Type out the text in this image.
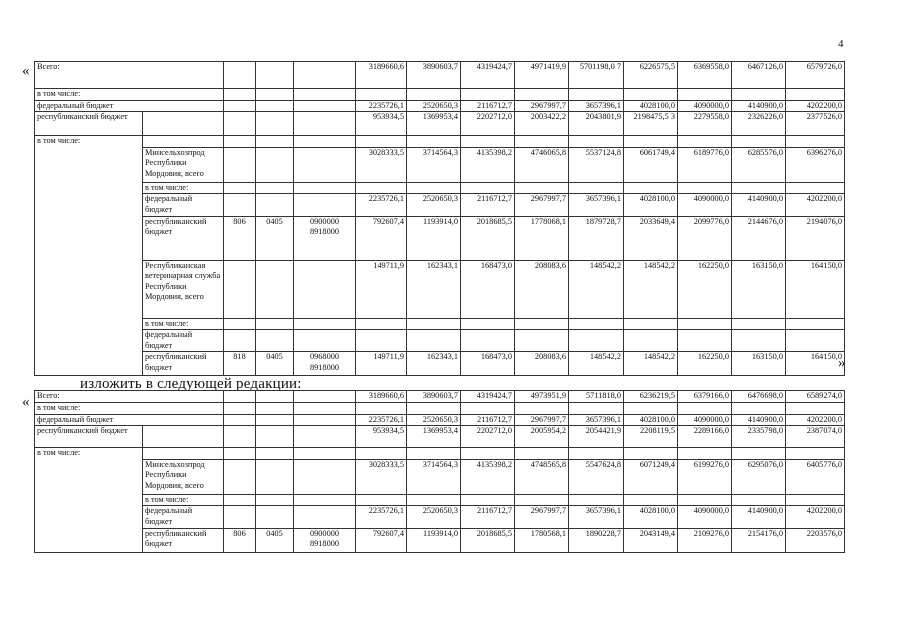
4
«
»
«
изложить в следующей редакции:
Всего:					3189660,6	3890603,7	4319424,7	4971419,9	5701198,0 7	6226575,5	6369558,0	6467126,0	6579726,0
в том числе:													
федеральный бюджет					2235726,1	2520650,3	2116712,7	2967997,7	3657396,1	4028100,0	4090000,0	4140900,0	4202200,0
республиканский бюджет					953934,5	1369953,4	2202712,0	2003422,2	2043801,9	2198475,5 3	2279558,0	2326226,0	2377526,0
в том числе:													
	Минсельхозпрод Республики Мордовия, всего				3028333,5	3714564,3	4135398,2	4746065,8	5537124,8	6061749,4	6189776,0	6285576,0	6396276,0
	в том числе:												
	федеральный бюджет				2235726,1	2520650,3	2116712,7	2967997,7	3657396,1	4028100,0	4090000,0	4140900,0	4202200,0
	республиканский бюджет	806	0405	0900000 8918000	792607,4	1193914,0	2018685,5	1778068,1	1879728,7	2033649,4	2099776,0	2144676,0	2194076,0
	Республиканская ветеринарная служба Республики Мордовия, всего				149711,9	162343,1	168473,0	208083,6	148542,2	148542,2	162250,0	163150,0	164150,0
	в том числе:												
	федеральный бюджет												
	республиканский бюджет	818	0405	0968000 8918000	149711,9	162343,1	168473,0	208083,6	148542,2	148542,2	162250,0	163150,0	164150,0
Всего:					3189660,6	3890603,7	4319424,7	4973951,9	5711818,0	6236219,5	6379166,0	6476698,0	6589274,0
в том числе:													
федеральный бюджет					2235726,1	2520650,3	2116712,7	2967997,7	3657396,1	4028100,0	4090000,0	4140900,0	4202200,0
республиканский бюджет					953934,5	1369953,4	2202712,0	2005954,2	2054421,9	2208119,5	2289166,0	2335798,0	2387074,0
в том числе:													
	Минсельхозпрод Республики Мордовия, всего				3028333,5	3714564,3	4135398,2	4748565,8	5547624,8	6071249,4	6199276,0	6295076,0	6405776,0
	в том числе:												
	федеральный бюджет				2235726,1	2520650,3	2116712,7	2967997,7	3657396,1	4028100,0	4090000,0	4140900,0	4202200,0
	республиканский бюджет	806	0405	0900000 8918000	792607,4	1193914,0	2018685,5	1780568,1	1890228,7	2043149,4	2109276,0	2154176,0	2203576,0
